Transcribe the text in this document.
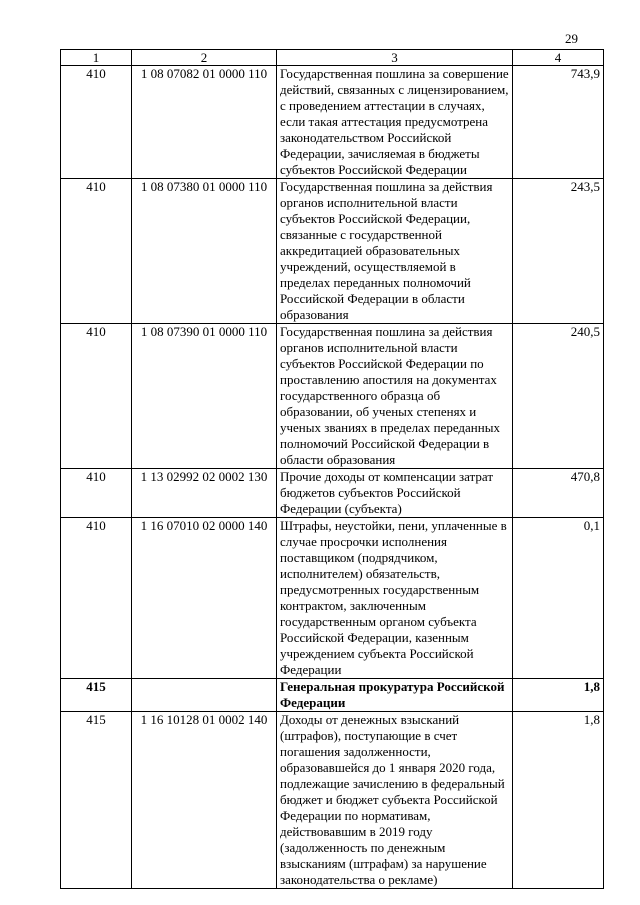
29
1	2	3	4
410	1 08 07082 01 0000 110	Государственная пошлина за совершение действий, связанных с лицензированием, с проведением аттестации в случаях, если такая аттестация предусмотрена законодательством Российской Федерации, зачисляемая в бюджеты субъектов Российской Федерации	743,9
410	1 08 07380 01 0000 110	Государственная пошлина за действия органов исполнительной власти субъектов Российской Федерации, связанные с государственной аккредитацией образовательных учреждений, осуществляемой в пределах переданных полномочий Российской Федерации в области образования	243,5
410	1 08 07390 01 0000 110	Государственная пошлина за действия органов исполнительной власти субъектов Российской Федерации по проставлению апостиля на документах государственного образца об образовании, об ученых степенях и ученых званиях в пределах переданных полномочий Российской Федерации в области образования	240,5
410	1 13 02992 02 0002 130	Прочие доходы от компенсации затрат бюджетов субъектов Российской Федерации (субъекта)	470,8
410	1 16 07010 02 0000 140	Штрафы, неустойки, пени, уплаченные в случае просрочки исполнения поставщиком (подрядчиком, исполнителем) обязательств, предусмотренных государственным контрактом, заключенным государственным органом субъекта Российской Федерации, казенным учреждением субъекта Российской Федерации	0,1
415		Генеральная прокуратура Российской Федерации	1,8
415	1 16 10128 01 0002 140	Доходы от денежных взысканий (штрафов), поступающие в счет погашения задолженности, образовавшейся до 1 января 2020 года, подлежащие зачислению в федеральный бюджет и бюджет субъекта Российской Федерации по нормативам, действовавшим в 2019 году (задолженность по денежным взысканиям (штрафам) за нарушение законодательства о рекламе)	1,8
